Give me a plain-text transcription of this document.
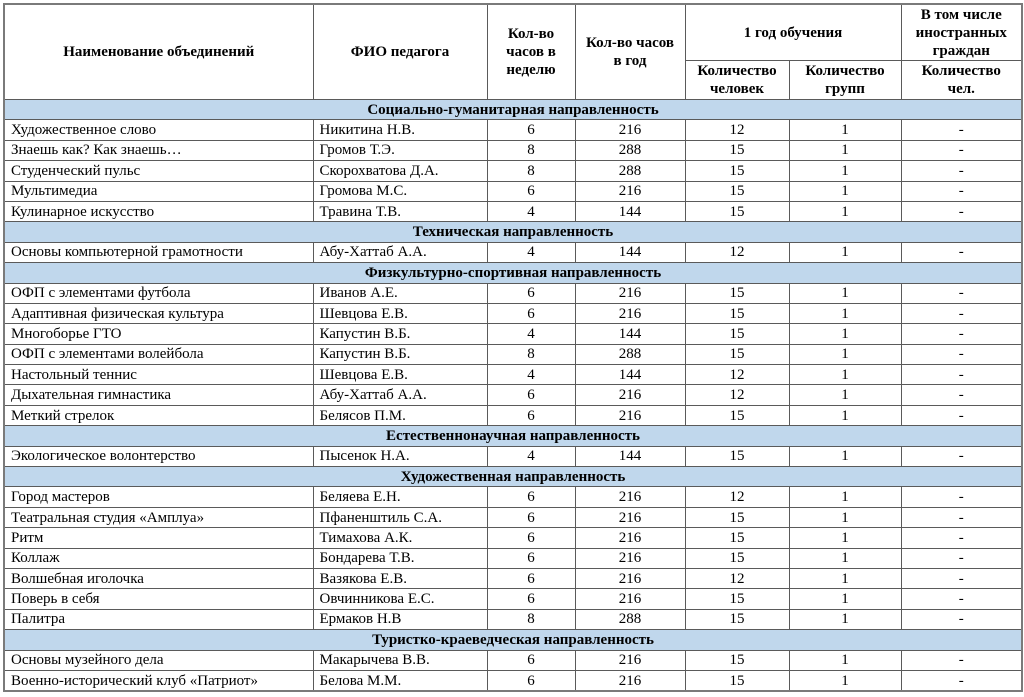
Наименование объединений	ФИО педагога	Кол-во часов в неделю	Кол-во часов в год	1 год обучения		В том числе иностранных граждан
				Количество человек	Количество групп	Количество чел.
Социально-гуманитарная направленность						
Художественное слово	Никитина Н.В.	6	216	12	1	-
Знаешь как? Как знаешь…	Громов Т.Э.	8	288	15	1	-
Студенческий пульс	Скорохватова Д.А.	8	288	15	1	-
Мультимедиа	Громова М.С.	6	216	15	1	-
Кулинарное искусство	Травина Т.В.	4	144	15	1	-
Техническая направленность						
Основы компьютерной грамотности	Абу-Хаттаб А.А.	4	144	12	1	-
Физкультурно-спортивная направленность						
ОФП с элементами футбола	Иванов А.Е.	6	216	15	1	-
Адаптивная физическая культура	Шевцова Е.В.	6	216	15	1	-
Многоборье ГТО	Капустин В.Б.	4	144	15	1	-
ОФП с элементами волейбола	Капустин В.Б.	8	288	15	1	-
Настольный теннис	Шевцова Е.В.	4	144	12	1	-
Дыхательная гимнастика	Абу-Хаттаб А.А.	6	216	12	1	-
Меткий стрелок	Белясов П.М.	6	216	15	1	-
Естественнонаучная направленность						
Экологическое волонтерство	Пысенок Н.А.	4	144	15	1	-
Художественная направленность						
Город мастеров	Беляева Е.Н.	6	216	12	1	-
Театральная студия «Амплуа»	Пфаненштиль С.А.	6	216	15	1	-
Ритм	Тимахова А.К.	6	216	15	1	-
Коллаж	Бондарева Т.В.	6	216	15	1	-
Волшебная иголочка	Вазякова Е.В.	6	216	12	1	-
Поверь в себя	Овчинникова Е.С.	6	216	15	1	-
Палитра	Ермаков Н.В	8	288	15	1	-
Туристко-краеведческая направленность						
Основы музейного дела	Макарычева В.В.	6	216	15	1	-
Военно-исторический клуб «Патриот»	Белова М.М.	6	216	15	1	-
